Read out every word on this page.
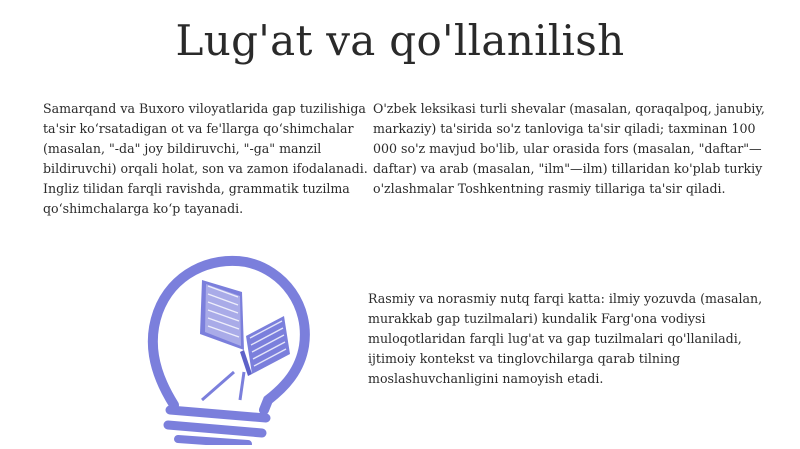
Lug'at va qo'llanilish

Samarqand va Buxoro viloyatlarida gap tuzilishiga ta'sir ko‘rsatadigan ot va fe'llarga qo‘shimchalar (masalan, "-da" joy bildiruvchi, "-ga" manzil bildiruvchi) orqali holat, son va zamon ifodalanadi. Ingliz tilidan farqli ravishda, grammatik tuzilma qo‘shimchalarga ko‘p tayanadi.

O'zbek leksikasi turli shevalar (masalan, qoraqalpoq, janubiy, markaziy) ta'sirida so'z tanloviga ta'sir qiladi; taxminan 100 000 so'z mavjud bo'lib, ular orasida fors (masalan, "daftar"—daftar) va arab (masalan, "ilm"—ilm) tillaridan ko'plab turkiy o'zlashmalar Toshkentning rasmiy tillariga ta'sir qiladi.

Rasmiy va norasmiy nutq farqi katta: ilmiy yozuvda (masalan, murakkab gap tuzilmalari) kundalik Farg'ona vodiysi muloqotlaridan farqli lug'at va gap tuzilmalari qo'llaniladi, ijtimoiy kontekst va tinglovchilarga qarab tilning moslashuvchanligini namoyish etadi.
